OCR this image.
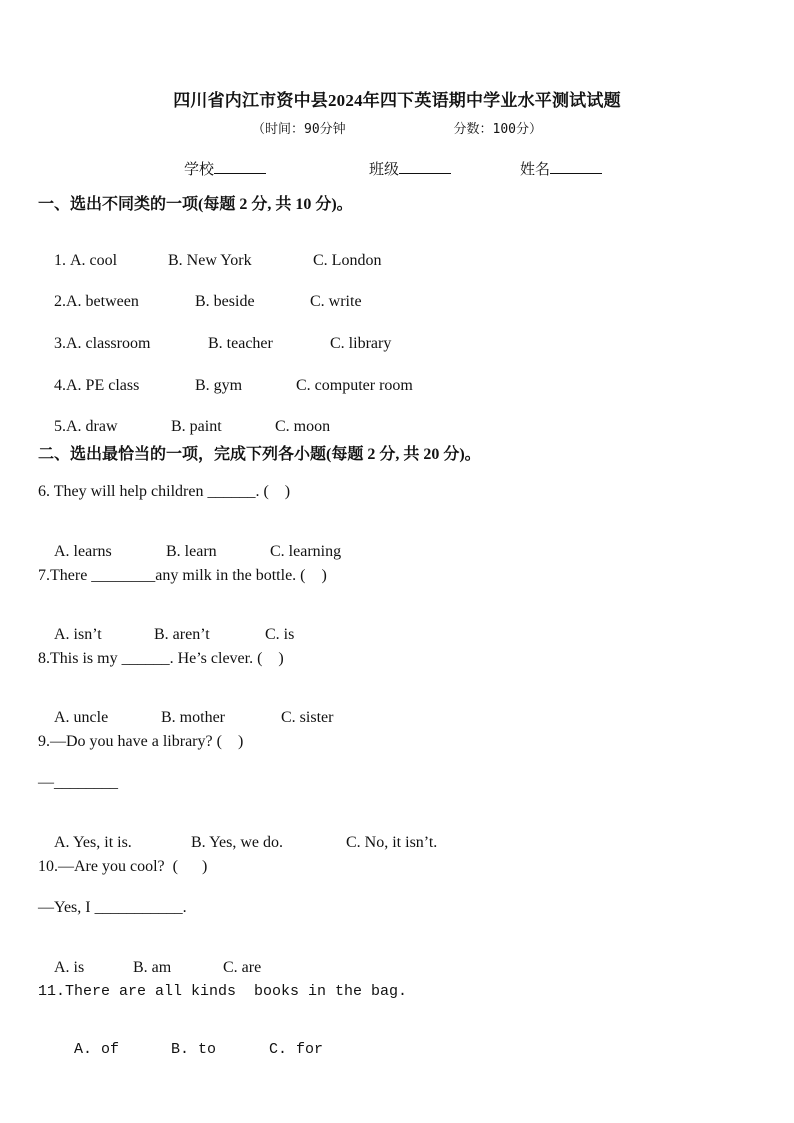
四川省内江市资中县2024年四下英语期中学业水平测试试题
（时间：90分钟	分数：100分）
学校	班级	姓名
一、选出不同类的一项(每题 2 分, 共 10 分)。

1. A. cool	B. New York	C. London

2.A. between	B. beside	C. write

3.A. classroom	B. teacher	C. library

4.A. PE class	B. gym	C. computer room

5.A. draw	B. paint	C. moon

二、选出最恰当的一项，完成下列各小题(每题 2 分, 共 20 分)。
6. They will help children ______. (    )

A. learns	B. learn	C. learning

7.There ________any milk in the bottle. (    )

A. isn’t	B. aren’t	C. is

8.This is my ______. He’s clever. (    )

A. uncle	B. mother	C. sister

9.—Do you have a library? (    )
—________

A. Yes, it is.	B. Yes, we do.	C. No, it isn’t.

10.—Are you cool?  (      )
—Yes, I ___________.

A. is	B. am	C. are

11.There are all kinds  books in the bag.

A. of	B. to	C. for
